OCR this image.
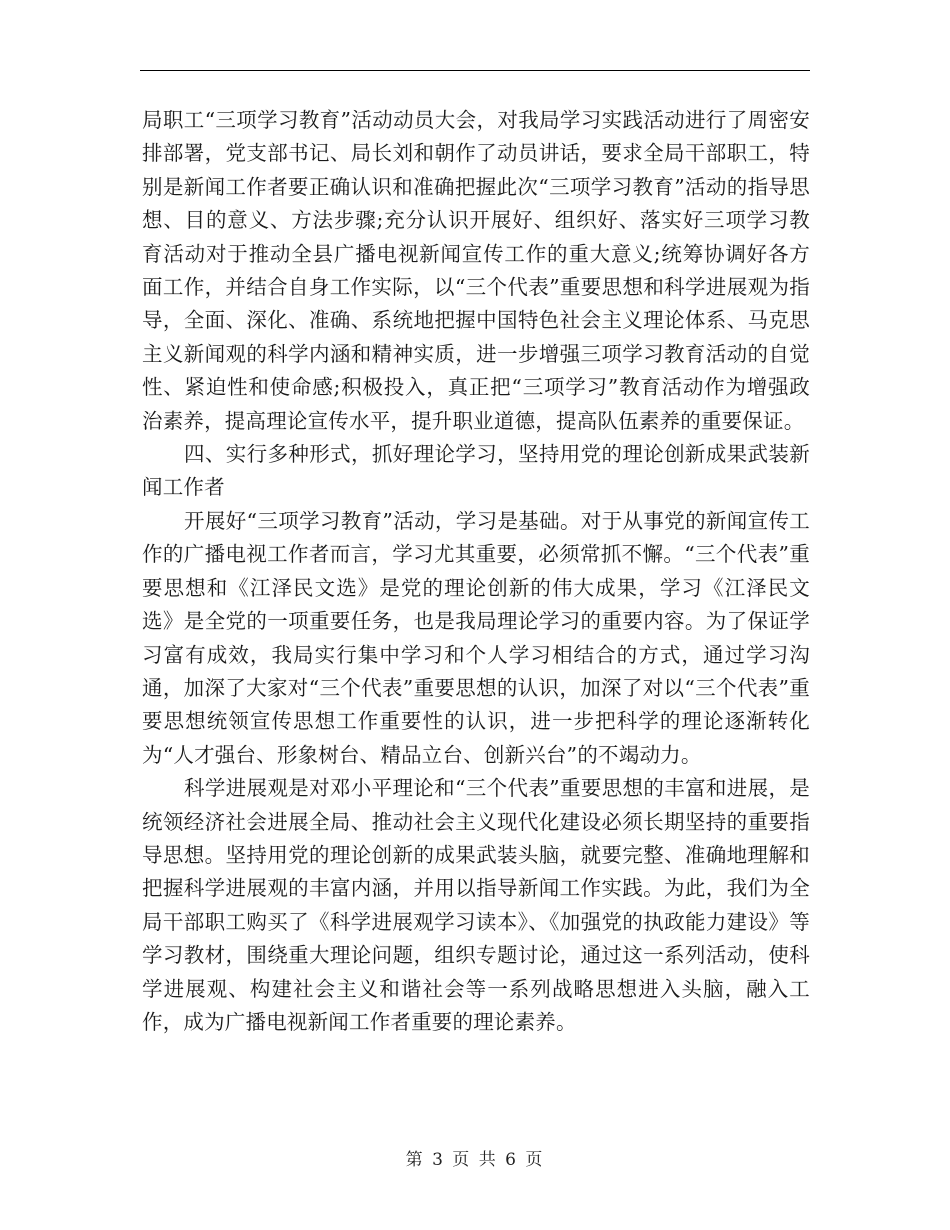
局职工“三项学习教育”活动动员大会，对我局学习实践活动进行了周密安排部署，党支部书记、局长刘和朝作了动员讲话，要求全局干部职工，特别是新闻工作者要正确认识和准确把握此次“三项学习教育”活动的指导思想、目的意义、方法步骤;充分认识开展好、组织好、落实好三项学习教育活动对于推动全县广播电视新闻宣传工作的重大意义;统筹协调好各方面工作，并结合自身工作实际，以“三个代表”重要思想和科学进展观为指导，全面、深化、准确、系统地把握中国特色社会主义理论体系、马克思主义新闻观的科学内涵和精神实质，进一步增强三项学习教育活动的自觉性、紧迫性和使命感;积极投入，真正把“三项学习”教育活动作为增强政治素养，提高理论宣传水平，提升职业道德，提高队伍素养的重要保证。

四、实行多种形式，抓好理论学习，坚持用党的理论创新成果武装新闻工作者

开展好“三项学习教育”活动，学习是基础。对于从事党的新闻宣传工作的广播电视工作者而言，学习尤其重要，必须常抓不懈。“三个代表”重要思想和《江泽民文选》是党的理论创新的伟大成果，学习《江泽民文选》是全党的一项重要任务，也是我局理论学习的重要内容。为了保证学习富有成效，我局实行集中学习和个人学习相结合的方式，通过学习沟通，加深了大家对“三个代表”重要思想的认识，加深了对以“三个代表”重要思想统领宣传思想工作重要性的认识，进一步把科学的理论逐渐转化为“人才强台、形象树台、精品立台、创新兴台”的不竭动力。

科学进展观是对邓小平理论和“三个代表”重要思想的丰富和进展，是统领经济社会进展全局、推动社会主义现代化建设必须长期坚持的重要指导思想。坚持用党的理论创新的成果武装头脑，就要完整、准确地理解和把握科学进展观的丰富内涵，并用以指导新闻工作实践。为此，我们为全局干部职工购买了《科学进展观学习读本》、《加强党的执政能力建设》等学习教材，围绕重大理论问题，组织专题讨论，通过这一系列活动，使科学进展观、构建社会主义和谐社会等一系列战略思想进入头脑，融入工作，成为广播电视新闻工作者重要的理论素养。

第 3 页 共 6 页
